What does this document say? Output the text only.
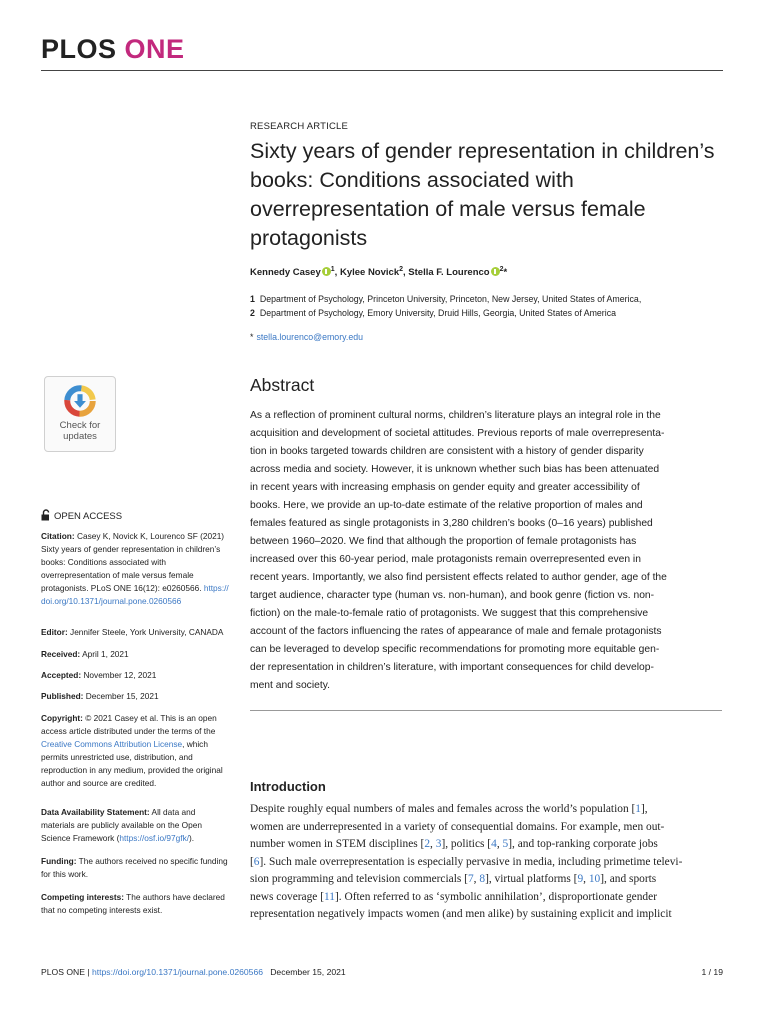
PLOS ONE
RESEARCH ARTICLE
Sixty years of gender representation in children’s books: Conditions associated with overrepresentation of male versus female protagonists
Kennedy Casey $^1$, Kylee Novick$^2$, Stella F. Lourenco $^2$*
1 Department of Psychology, Princeton University, Princeton, New Jersey, United States of America,
2 Department of Psychology, Emory University, Druid Hills, Georgia, United States of America
* stella.lourenco@emory.edu
Abstract
As a reflection of prominent cultural norms, children’s literature plays an integral role in the
acquisition and development of societal attitudes. Previous reports of male overrepresenta-
tion in books targeted towards children are consistent with a history of gender disparity
across media and society. However, it is unknown whether such bias has been attenuated
in recent years with increasing emphasis on gender equity and greater accessibility of
books. Here, we provide an up-to-date estimate of the relative proportion of males and
females featured as single protagonists in 3,280 children’s books (0–16 years) published
between 1960–2020. We find that although the proportion of female protagonists has
increased over this 60-year period, male protagonists remain overrepresented even in
recent years. Importantly, we also find persistent effects related to author gender, age of the
target audience, character type (human vs. non-human), and book genre (fiction vs. non-
fiction) on the male-to-female ratio of protagonists. We suggest that this comprehensive
account of the factors influencing the rates of appearance of male and female protagonists
can be leveraged to develop specific recommendations for promoting more equitable gen-
der representation in children’s literature, with important consequences for child develop-
ment and society.
Introduction
Despite roughly equal numbers of males and females across the world’s population [1],
women are underrepresented in a variety of consequential domains. For example, men out-
number women in STEM disciplines [2, 3], politics [4, 5], and top-ranking corporate jobs
[6]. Such male overrepresentation is especially pervasive in media, including primetime televi-
sion programming and television commercials [7, 8], virtual platforms [9, 10], and sports
news coverage [11]. Often referred to as ‘symbolic annihilation’, disproportionate gender
representation negatively impacts women (and men alike) by sustaining explicit and implicit
Check for updates
OPEN ACCESS
Citation: Casey K, Novick K, Lourenco SF (2021) Sixty years of gender representation in children’s books: Conditions associated with overrepresentation of male versus female protagonists. PLoS ONE 16(12): e0260566. https://doi.org/10.1371/journal.pone.0260566
Editor: Jennifer Steele, York University, CANADA
Received: April 1, 2021
Accepted: November 12, 2021
Published: December 15, 2021
Copyright: © 2021 Casey et al. This is an open access article distributed under the terms of the Creative Commons Attribution License, which permits unrestricted use, distribution, and reproduction in any medium, provided the original author and source are credited.
Data Availability Statement: All data and materials are publicly available on the Open Science Framework (https://osf.io/97gfk/).
Funding: The authors received no specific funding for this work.
Competing interests: The authors have declared that no competing interests exist.
PLOS ONE | https://doi.org/10.1371/journal.pone.0260566 December 15, 2021	1 / 19
